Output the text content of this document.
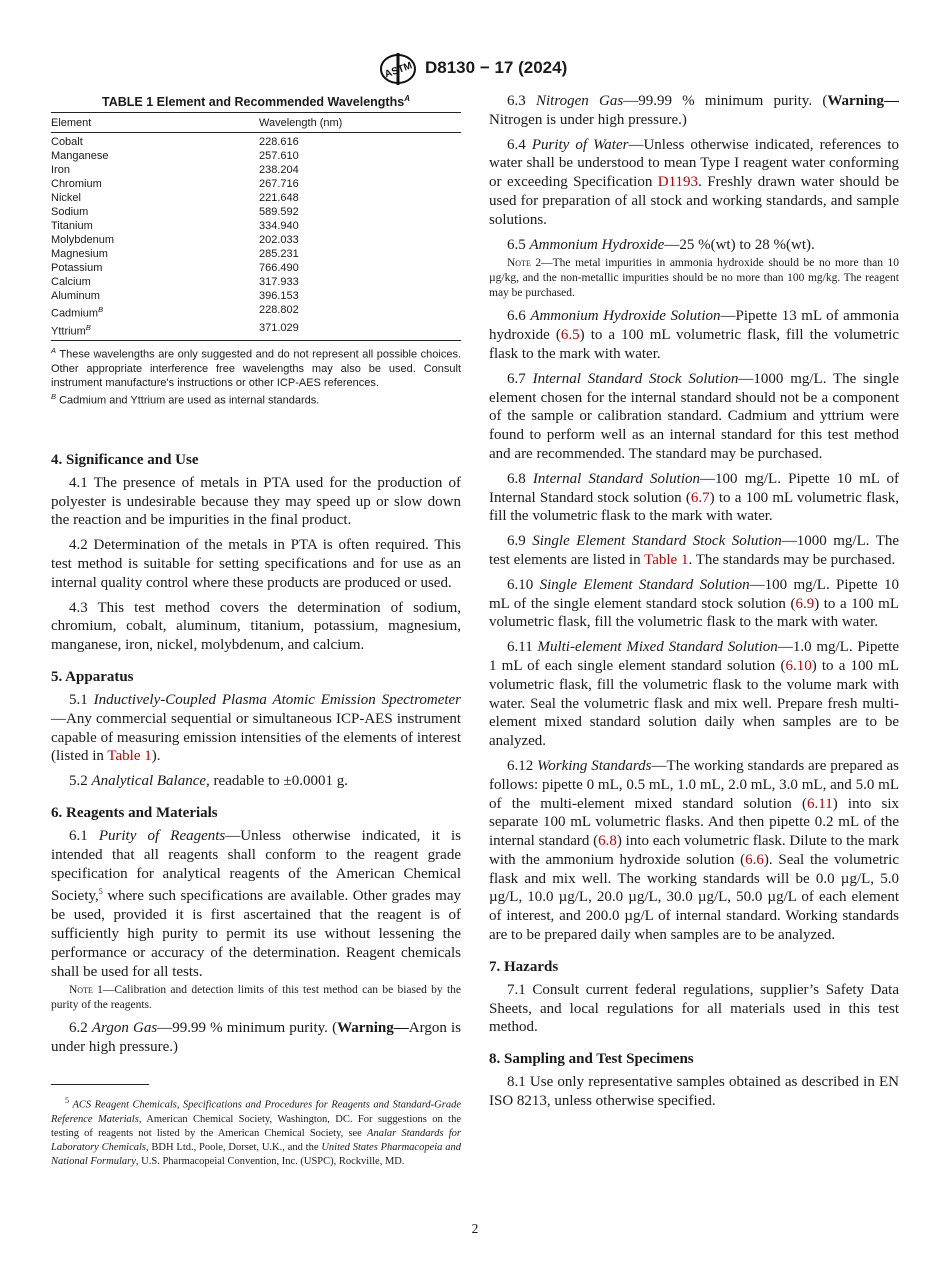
ASTM D8130 − 17 (2024)
TABLE 1 Element and Recommended Wavelengths$^A$
Element	Wavelength (nm)
Cobalt	228.616
Manganese	257.610
Iron	238.204
Chromium	267.716
Nickel	221.648
Sodium	589.592
Titanium	334.940
Molybdenum	202.033
Magnesium	285.231
Potassium	766.490
Calcium	317.933
Aluminum	396.153
Cadmium$^B$	228.802
Yttrium$^B$	371.029
$^A$ These wavelengths are only suggested and do not represent all possible choices. Other appropriate interference free wavelengths may also be used. Consult instrument manufacture's instructions or other ICP-AES references.
$^B$ Cadmium and Yttrium are used as internal standards.
4. Significance and Use

4.1 The presence of metals in PTA used for the production of polyester is undesirable because they may speed up or slow down the reaction and be impurities in the final product.

4.2 Determination of the metals in PTA is often required. This test method is suitable for setting specifications and for use as an internal quality control where these products are produced or used.

4.3 This test method covers the determination of sodium, chromium, cobalt, aluminum, titanium, potassium, magnesium, manganese, iron, nickel, molybdenum, and calcium.

5. Apparatus

5.1 Inductively-Coupled Plasma Atomic Emission Spectrometer—Any commercial sequential or simultaneous ICP-AES instrument capable of measuring emission intensities of the elements of interest (listed in Table 1).

5.2 Analytical Balance, readable to ±0.0001 g.

6. Reagents and Materials

6.1 Purity of Reagents—Unless otherwise indicated, it is intended that all reagents shall conform to the reagent grade specification for analytical reagents of the American Chemical Society,$^5$ where such specifications are available. Other grades may be used, provided it is first ascertained that the reagent is of sufficiently high purity to permit its use without lessening the performance or accuracy of the determination. Reagent chemicals shall be used for all tests.

Note 1—Calibration and detection limits of this test method can be biased by the purity of the reagents.

6.2 Argon Gas—99.99 % minimum purity. (Warning—Argon is under high pressure.)

$^5$ ACS Reagent Chemicals, Specifications and Procedures for Reagents and Standard-Grade Reference Materials, American Chemical Society, Washington, DC. For suggestions on the testing of reagents not listed by the American Chemical Society, see Analar Standards for Laboratory Chemicals, BDH Ltd., Poole, Dorset, U.K., and the United States Pharmacopeia and National Formulary, U.S. Pharmacopeial Convention, Inc. (USPC), Rockville, MD.

6.3 Nitrogen Gas—99.99 % minimum purity. (Warning—Nitrogen is under high pressure.)

6.4 Purity of Water—Unless otherwise indicated, references to water shall be understood to mean Type I reagent water conforming or exceeding Specification D1193. Freshly drawn water should be used for preparation of all stock and working standards, and sample solutions.

6.5 Ammonium Hydroxide—25 %(wt) to 28 %(wt).

Note 2—The metal impurities in ammonia hydroxide should be no more than 10 µg/kg, and the non-metallic impurities should be no more than 100 mg/kg. The reagent may be purchased.

6.6 Ammonium Hydroxide Solution—Pipette 13 mL of ammonia hydroxide (6.5) to a 100 mL volumetric flask, fill the volumetric flask to the mark with water.

6.7 Internal Standard Stock Solution—1000 mg/L. The single element chosen for the internal standard should not be a component of the sample or calibration standard. Cadmium and yttrium were found to perform well as an internal standard for this test method and are recommended. The standard may be purchased.

6.8 Internal Standard Solution—100 mg/L. Pipette 10 mL of Internal Standard stock solution (6.7) to a 100 mL volumetric flask, fill the volumetric flask to the mark with water.

6.9 Single Element Standard Stock Solution—1000 mg/L. The test elements are listed in Table 1. The standards may be purchased.

6.10 Single Element Standard Solution—100 mg/L. Pipette 10 mL of the single element standard stock solution (6.9) to a 100 mL volumetric flask, fill the volumetric flask to the mark with water.

6.11 Multi-element Mixed Standard Solution—1.0 mg/L. Pipette 1 mL of each single element standard solution (6.10) to a 100 mL volumetric flask, fill the volumetric flask to the volume mark with water. Seal the volumetric flask and mix well. Prepare fresh multi-element mixed standard solution daily when samples are to be analyzed.

6.12 Working Standards—The working standards are prepared as follows: pipette 0 mL, 0.5 mL, 1.0 mL, 2.0 mL, 3.0 mL, and 5.0 mL of the multi-element mixed standard solution (6.11) into six separate 100 mL volumetric flasks. And then pipette 0.2 mL of the internal standard (6.8) into each volumetric flask. Dilute to the mark with the ammonium hydroxide solution (6.6). Seal the volumetric flask and mix well. The working standards will be 0.0 µg/L, 5.0 µg/L, 10.0 µg/L, 20.0 µg/L, 30.0 µg/L, 50.0 µg/L of each element of interest, and 200.0 µg/L of internal standard. Working standards are to be prepared daily when samples are to be analyzed.

7. Hazards

7.1 Consult current federal regulations, supplier’s Safety Data Sheets, and local regulations for all materials used in this test method.

8. Sampling and Test Specimens

8.1 Use only representative samples obtained as described in EN ISO 8213, unless otherwise specified.

2
